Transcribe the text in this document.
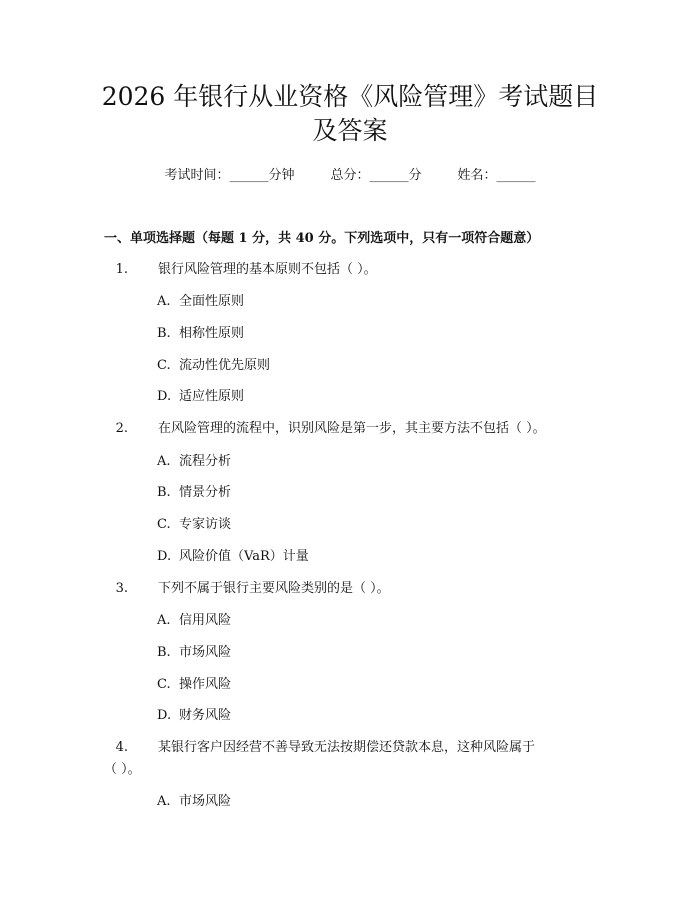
2026 年银行从业资格《风险管理》考试题目
及答案
考试时间：______分钟	总分：______分	姓名：______
一、单项选择题（每题 1 分，共 40 分。下列选项中，只有一项符合题意）
1. 银行风险管理的基本原则不包括（ ）。
A. 全面性原则
B. 相称性原则
C. 流动性优先原则
D. 适应性原则
2. 在风险管理的流程中，识别风险是第一步，其主要方法不包括（ ）。
A. 流程分析
B. 情景分析
C. 专家访谈
D. 风险价值（VaR）计量
3. 下列不属于银行主要风险类别的是（ ）。
A. 信用风险
B. 市场风险
C. 操作风险
D. 财务风险
4. 某银行客户因经营不善导致无法按期偿还贷款本息，这种风险属于
（ ）。
A. 市场风险
